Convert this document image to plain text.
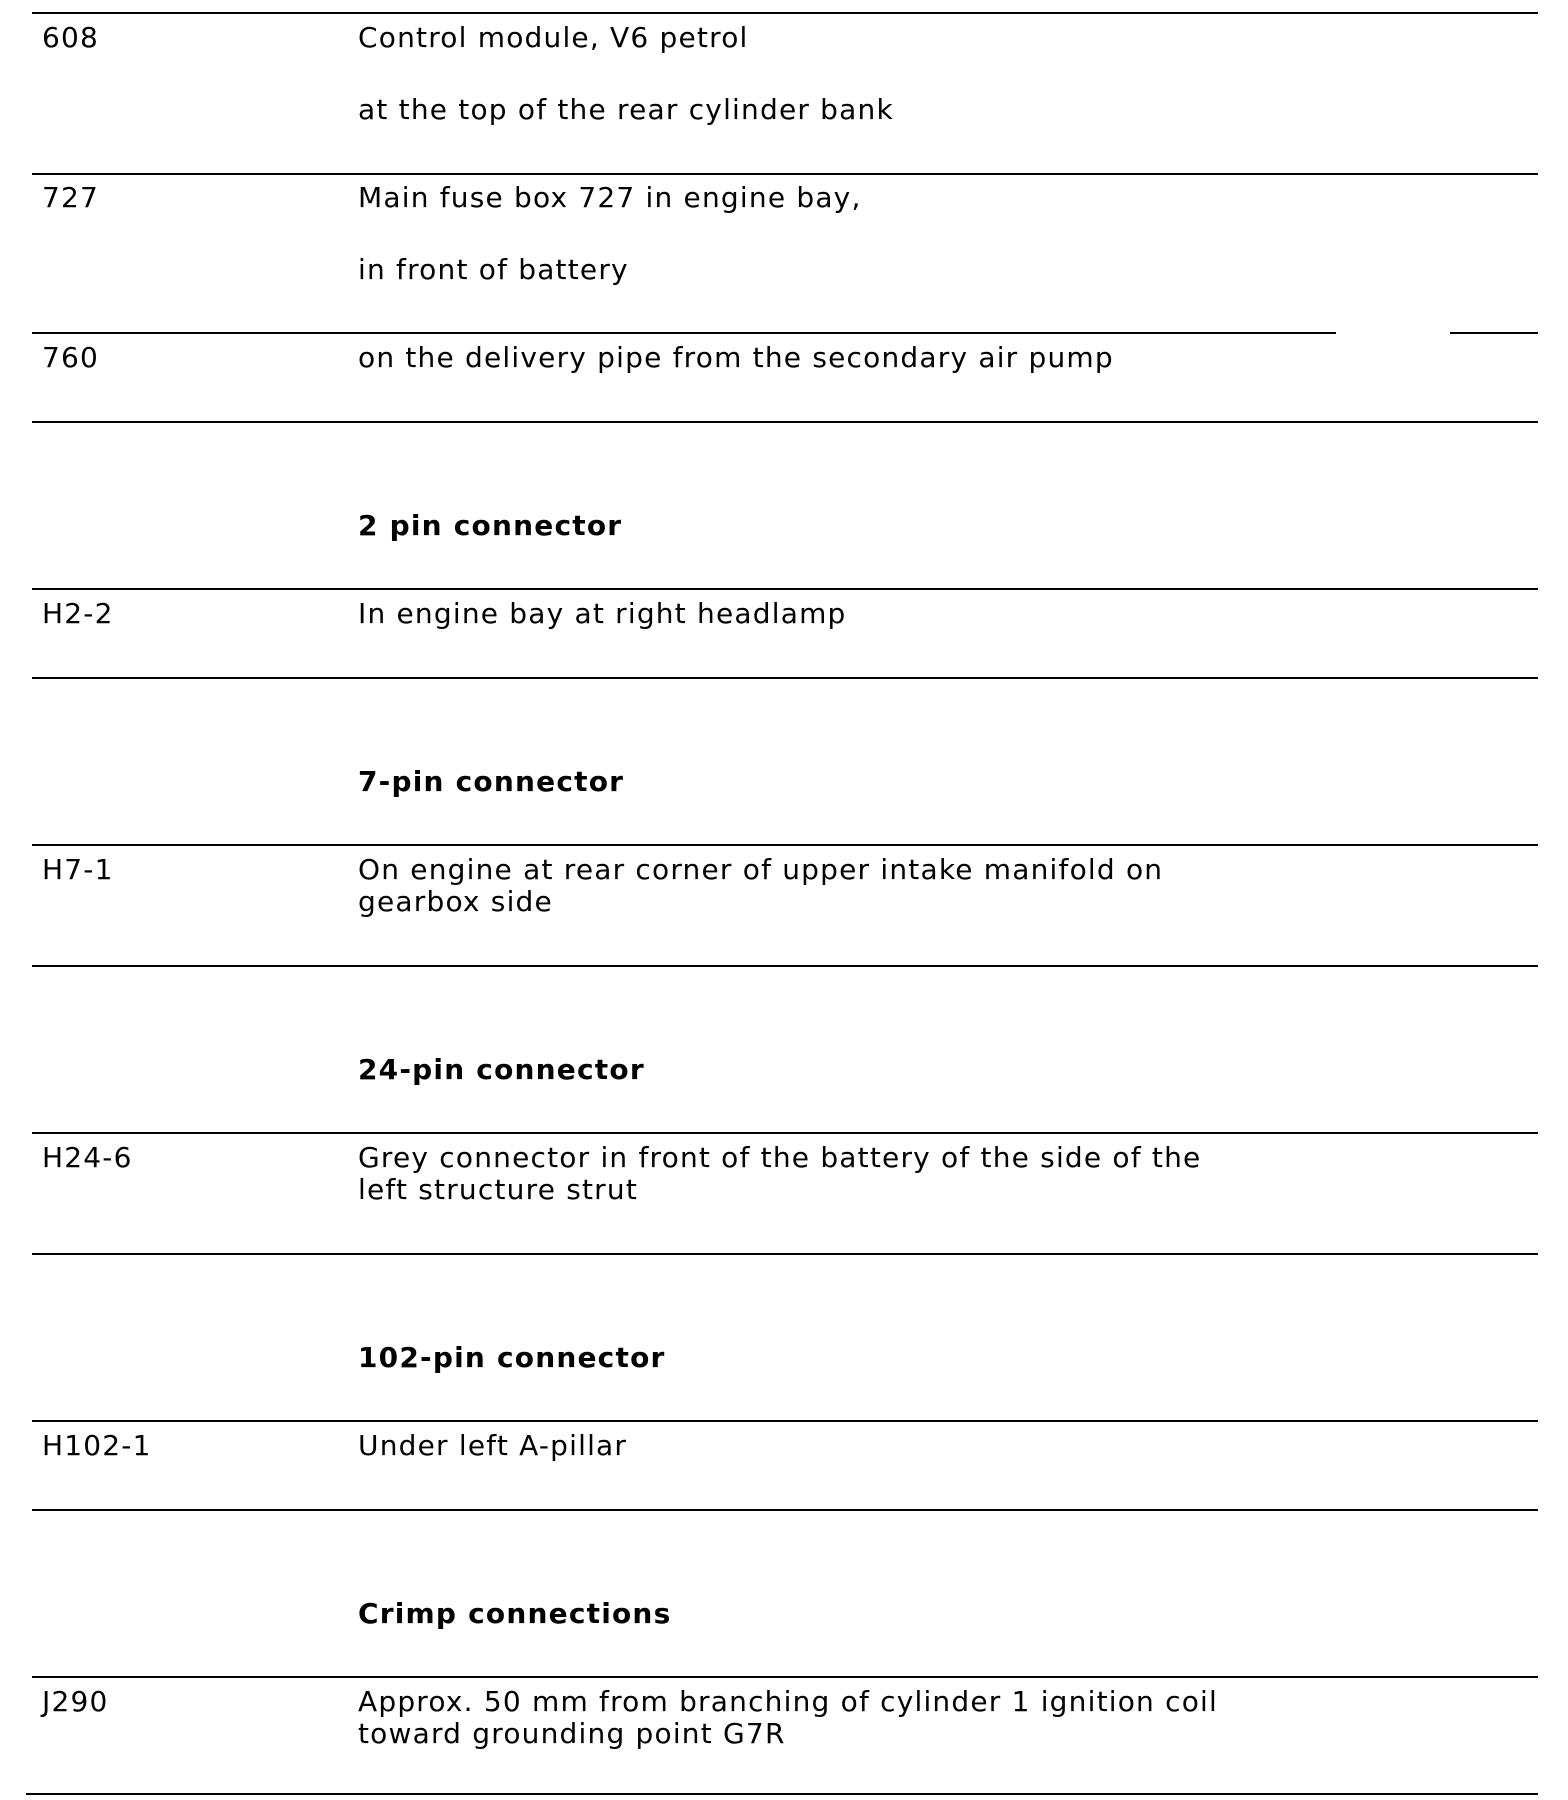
608	Control module, V6 petrol
at the top of the rear cylinder bank
727	Main fuse box 727 in engine bay,
in front of battery
760	on the delivery pipe from the secondary air pump
2 pin connector
H2-2	In engine bay at right headlamp
7-pin connector
H7-1	On engine at rear corner of upper intake manifold on
gearbox side
24-pin connector
H24-6	Grey connector in front of the battery of the side of the
left structure strut
102-pin connector
H102-1	Under left A-pillar
Crimp connections
J290	Approx. 50 mm from branching of cylinder 1 ignition coil
toward grounding point G7R
